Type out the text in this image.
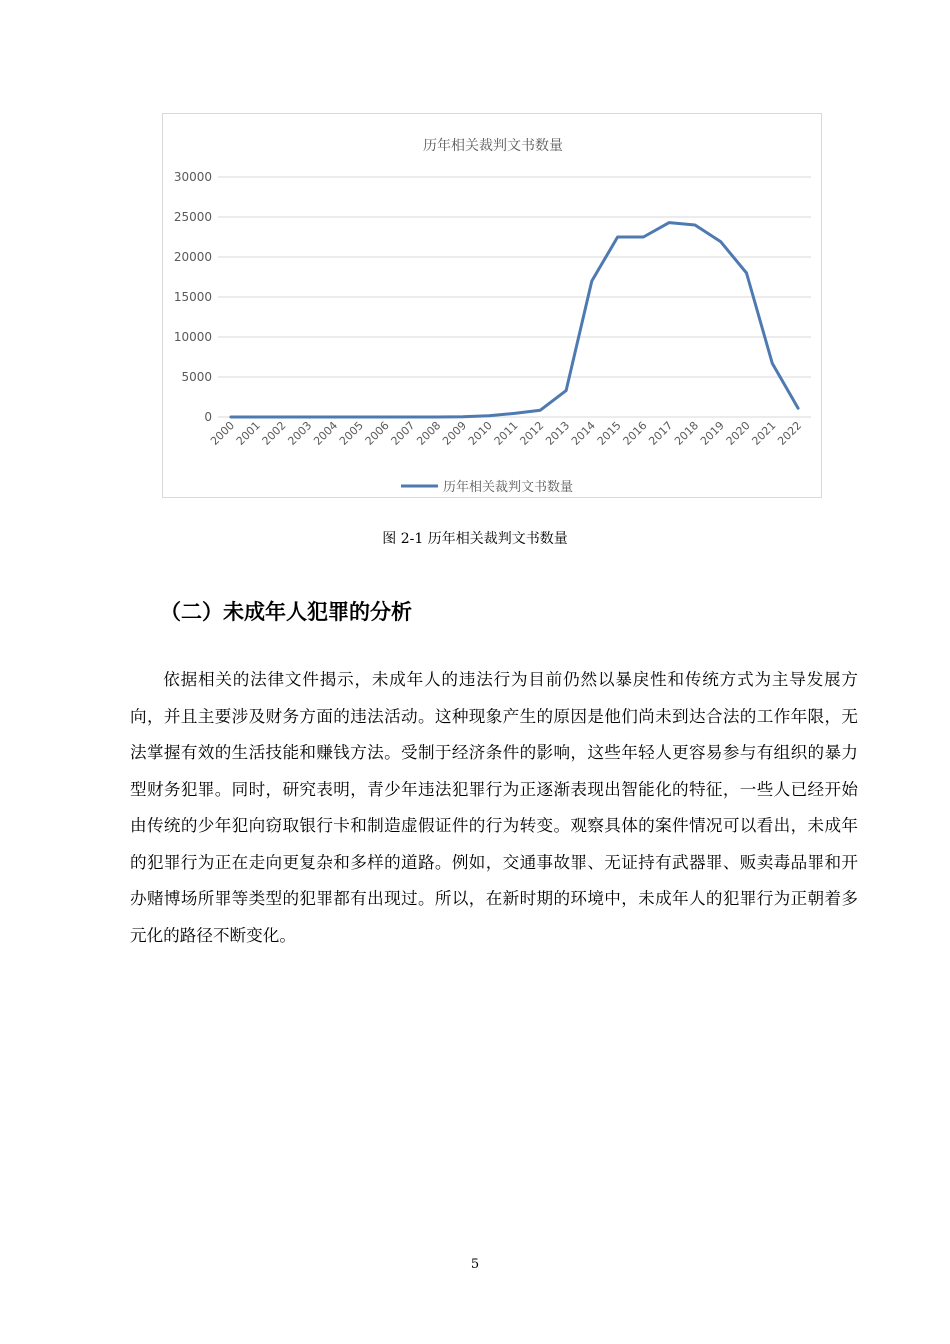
历年相关裁判文书数量
0
5000
10000
15000
20000
25000
30000
2000
2001
2002
2003
2004
2005
2006
2007
2008
2009
2010
2011
2012
2013
2014
2015
2016
2017
2018
2019
2020
2021
2022
历年相关裁判文书数量
图 2-1 历年相关裁判文书数量
（二）未成年人犯罪的分析

依据相关的法律文件揭示，未成年人的违法行为目前仍然以暴戾性和传统方式为主导发展方向，并且主要涉及财务方面的违法活动。这种现象产生的原因是他们尚未到达合法的工作年限，无法掌握有效的生活技能和赚钱方法。受制于经济条件的影响，这些年轻人更容易参与有组织的暴力型财务犯罪。同时，研究表明，青少年违法犯罪行为正逐渐表现出智能化的特征，一些人已经开始由传统的少年犯向窃取银行卡和制造虚假证件的行为转变。观察具体的案件情况可以看出，未成年的犯罪行为正在走向更复杂和多样的道路。例如，交通事故罪、无证持有武器罪、贩卖毒品罪和开办赌博场所罪等类型的犯罪都有出现过。所以，在新时期的环境中，未成年人的犯罪行为正朝着多元化的路径不断变化。

5
